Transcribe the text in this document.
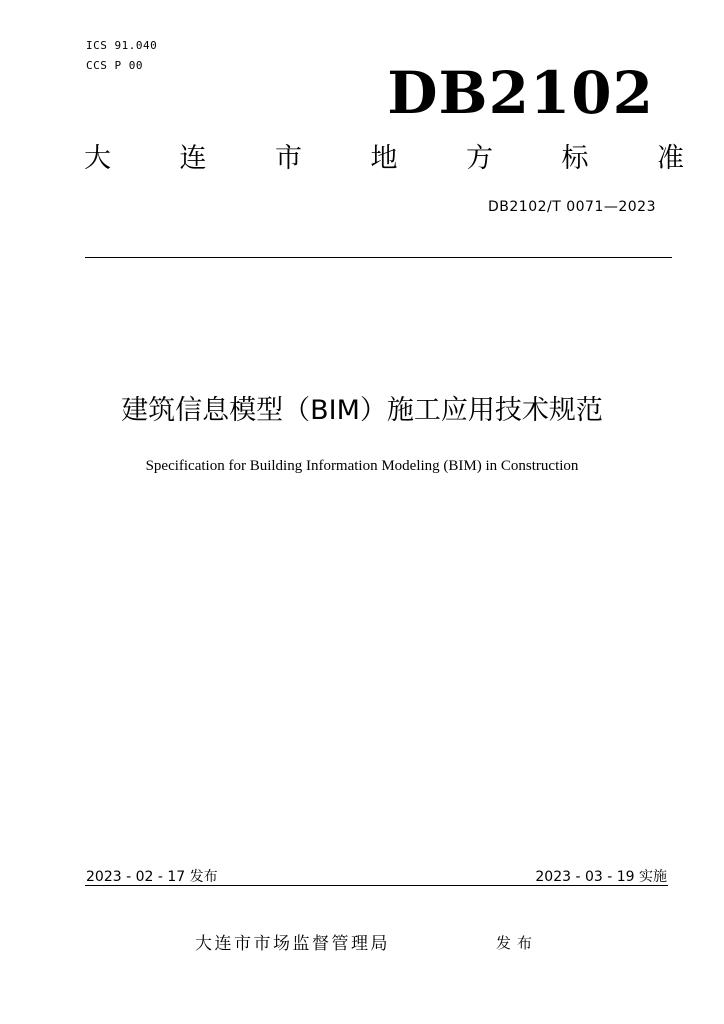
ICS 91.040
CCS P 00	DB2102
大	连	市	地	方	标	准
DB2102/T 0071—2023
建筑信息模型（BIM）施工应用技术规范
Specification for Building Information Modeling (BIM) in Construction
2023 - 02 - 17 发布	2023 - 03 - 19 实施
大连市市场监督管理局	发布
